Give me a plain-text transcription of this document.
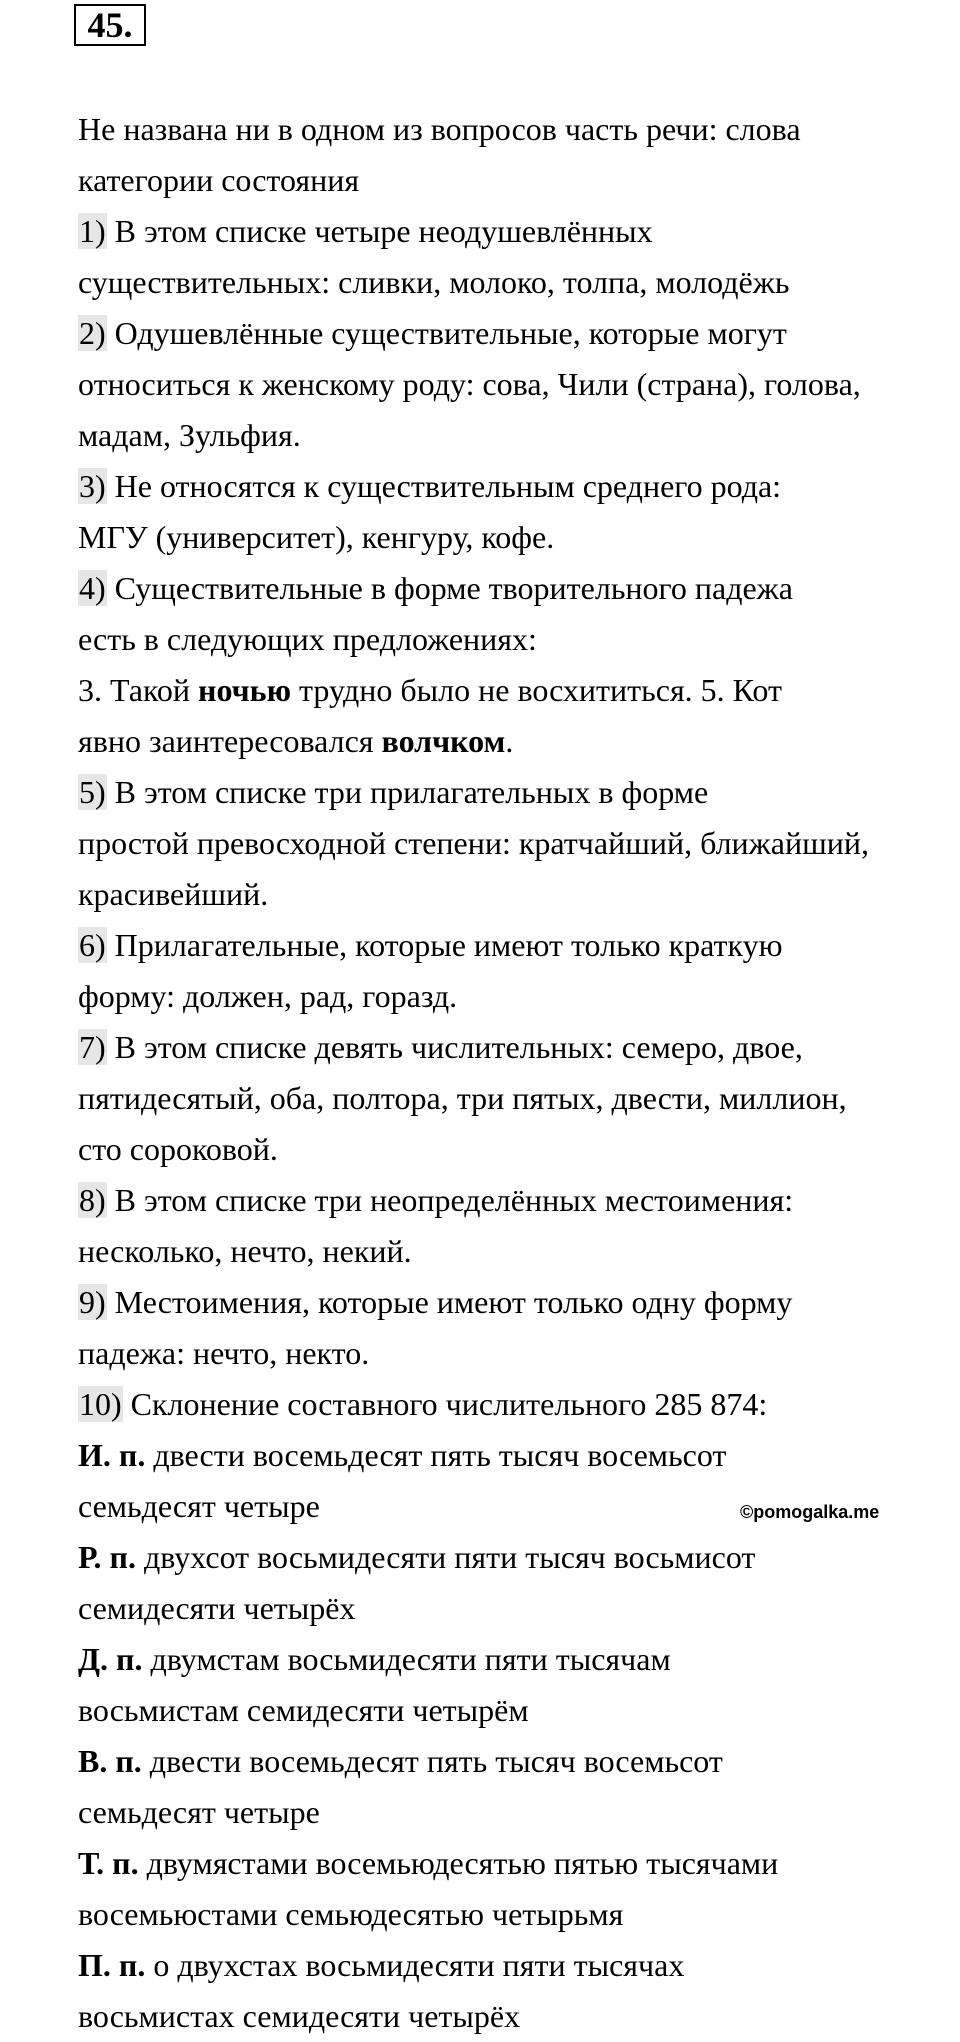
45.

Не названа ни в одном из вопросов часть речи: слова
категории состояния

1) В этом списке четыре неодушевлённых
существительных: сливки, молоко, толпа, молодёжь

2) Одушевлённые существительные, которые могут
относиться к женскому роду: сова, Чили (страна), голова,
мадам, Зульфия.

3) Не относятся к существительным среднего рода:
МГУ (университет), кенгуру, кофе.

4) Существительные в форме творительного падежа
есть в следующих предложениях:

3. Такой ночью трудно было не восхититься. 5. Кот
явно заинтересовался волчком.

5) В этом списке три прилагательных в форме
простой превосходной степени: кратчайший, ближайший,
красивейший.

6) Прилагательные, которые имеют только краткую
форму: должен, рад, горазд.

7) В этом списке девять числительных: семеро, двое,
пятидесятый, оба, полтора, три пятых, двести, миллион,
сто сороковой.

8) В этом списке три неопределённых местоимения:
несколько, нечто, некий.

9) Местоимения, которые имеют только одну форму
падежа: нечто, некто.

10) Склонение составного числительного 285 874:

И. п. двести восемьдесят пять тысяч восемьсот
семьдесят четыре

Р. п. двухсот восьмидесяти пяти тысяч восьмисот
семидесяти четырёх

Д. п. двумстам восьмидесяти пяти тысячам
восьмистам семидесяти четырём

В. п. двести восемьдесят пять тысяч восемьсот
семьдесят четыре

Т. п. двумястами восемьюдесятью пятью тысячами
восемьюстами семьюдесятью четырьмя

П. п. о двухстах восьмидесяти пяти тысячах
восьмистах семидесяти четырёх

©pomogalka.me
